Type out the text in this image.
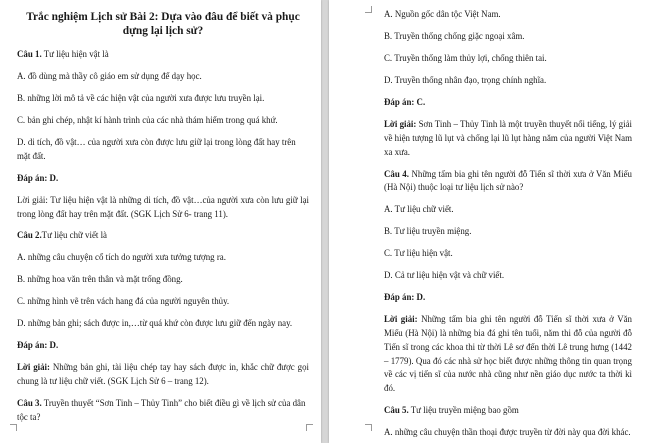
Trắc nghiệm Lịch sử Bài 2: Dựa vào đâu để biết và phục dựng lại lịch sử?

Câu 1. Tư liệu hiện vật là

A. đồ dùng mà thầy cô giáo em sử dụng để dạy học.

B. những lời mô tả về các hiện vật của người xưa được lưu truyền lại.

C. bản ghi chép, nhật kí hành trình của các nhà thám hiểm trong quá khứ.

D. di tích, đồ vật… của người xưa còn được lưu giữ lại trong lòng đất hay trên mặt đất.

Đáp án: D.

Lời giải: Tư liệu hiện vật là những di tích, đồ vật…của người xưa còn lưu giữ lại trong lòng đất hay trên mặt đất. (SGK Lịch Sử 6- trang 11).

Câu 2.Tư liệu chữ viết là

A. những câu chuyện cổ tích do người xưa tưởng tượng ra.

B. những hoa văn trên thân và mặt trống đồng.

C. những hình vẽ trên vách hang đá của người nguyên thủy.

D. những bản ghi; sách được in,…từ quá khứ còn được lưu giữ đến ngày nay.

Đáp án: D.

Lời giải: Những bản ghi, tài liệu chép tay hay sách được in, khắc chữ được gọi chung là tư liệu chữ viết. (SGK Lịch Sử 6 – trang 12).

Câu 3. Truyền thuyết “Sơn Tinh – Thủy Tinh” cho biết điều gì về lịch sử của dân tộc ta?

A. Nguồn gốc dân tộc Việt Nam.

B. Truyền thống chống giặc ngoại xâm.

C. Truyền thống làm thủy lợi, chống thiên tai.

D. Truyền thống nhân đạo, trọng chính nghĩa.

Đáp án: C.

Lời giải: Sơn Tinh – Thủy Tinh là một truyền thuyết nổi tiếng, lý giải về hiện tượng lũ lụt và chống lại lũ lụt hàng năm của người Việt Nam xa xưa.

Câu 4. Những tấm bia ghi tên người đỗ Tiến sĩ thời xưa ở Văn Miếu (Hà Nội) thuộc loại tư liệu lịch sử nào?

A. Tư liệu chữ viết.

B. Tư liệu truyền miệng.

C. Tư liệu hiện vật.

D. Cả tư liệu hiện vật và chữ viết.

Đáp án: D.

Lời giải: Những tấm bia ghi tên người đỗ Tiến sĩ thời xưa ở Văn Miếu (Hà Nội) là những bia đá ghi tên tuổi, năm thi đỗ của người đỗ Tiến sĩ trong các khoa thi từ thời Lê sơ đến thời Lê trung hưng (1442 – 1779). Qua đó các nhà sử học biết được những thông tin quan trọng về các vị tiến sĩ của nước nhà cũng như nền giáo dục nước ta thời kì đó.

Câu 5. Tư liệu truyền miệng bao gồm

A. những câu chuyện thần thoại được truyền từ đời này qua đời khác.
